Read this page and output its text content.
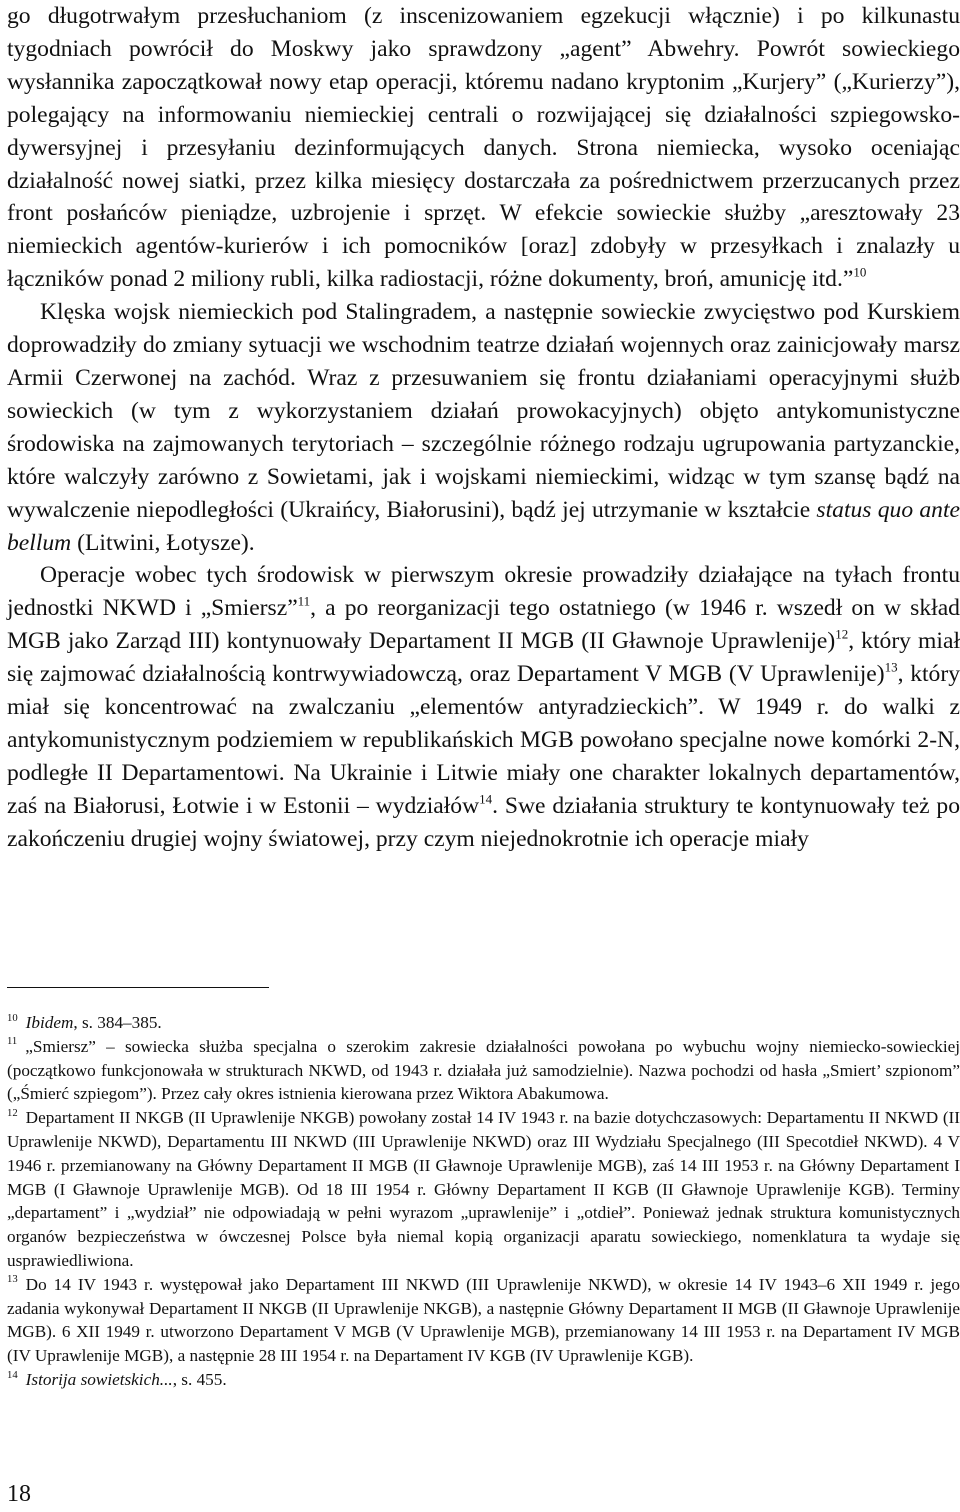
go długotrwałym przesłuchaniom (z inscenizowaniem egzekucji włącznie) i po kilkunastu tygodniach powrócił do Moskwy jako sprawdzony „agent” Abwehry. Powrót sowieckiego wysłannika zapoczątkował nowy etap operacji, któremu nadano kryptonim „Kurjery” („Kurierzy”), polegający na informowaniu niemieckiej centrali o rozwijającej się działalności szpiegowsko-dywersyjnej i przesyłaniu dezinformujących danych. Strona niemiecka, wysoko oceniając działalność nowej siatki, przez kilka miesięcy dostarczała za pośrednictwem przerzucanych przez front posłańców pieniądze, uzbrojenie i sprzęt. W efekcie sowieckie służby „aresztowały 23 niemieckich agentów-kurierów i ich pomocników [oraz] zdobyły w przesyłkach i znalazły u łączników ponad 2 miliony rubli, kilka radiostacji, różne dokumenty, broń, amunicję itd.”$^{10}$

Klęska wojsk niemieckich pod Stalingradem, a następnie sowieckie zwycięstwo pod Kurskiem doprowadziły do zmiany sytuacji we wschodnim teatrze działań wojennych oraz zainicjowały marsz Armii Czerwonej na zachód. Wraz z przesuwaniem się frontu działaniami operacyjnymi służb sowieckich (w tym z wykorzystaniem działań prowokacyjnych) objęto antykomunistyczne środowiska na zajmowanych terytoriach – szczególnie różnego rodzaju ugrupowania partyzanckie, które walczyły zarówno z Sowietami, jak i wojskami niemieckimi, widząc w tym szansę bądź na wywalczenie niepodległości (Ukraińcy, Białorusini), bądź jej utrzymanie w kształcie status quo ante bellum (Litwini, Łotysze).

Operacje wobec tych środowisk w pierwszym okresie prowadziły działające na tyłach frontu jednostki NKWD i „Smiersz”$^{11}$, a po reorganizacji tego ostatniego (w 1946 r. wszedł on w skład MGB jako Zarząd III) kontynuowały Departament II MGB (II Gławnoje Uprawlenije)$^{12}$, który miał się zajmować działalnością kontrwywiadowczą, oraz Departament V MGB (V Uprawlenije)$^{13}$, który miał się koncentrować na zwalczaniu „elementów antyradzieckich”. W 1949 r. do walki z antykomunistycznym podziemiem w republikańskich MGB powołano specjalne nowe komórki 2-N, podległe II Departamentowi. Na Ukrainie i Litwie miały one charakter lokalnych departamentów, zaś na Białorusi, Łotwie i w Estonii – wydziałów$^{14}$. Swe działania struktury te kontynuowały też po zakończeniu drugiej wojny światowej, przy czym niejednokrotnie ich operacje miały

$^{10}$ Ibidem, s. 384–385.

$^{11}$ „Smiersz” – sowiecka służba specjalna o szerokim zakresie działalności powołana po wybuchu wojny niemiecko-sowieckiej (początkowo funkcjonowała w strukturach NKWD, od 1943 r. działała już samodzielnie). Nazwa pochodzi od hasła „Smiert’ szpionom” („Śmierć szpiegom”). Przez cały okres istnienia kierowana przez Wiktora Abakumowa.

$^{12}$ Departament II NKGB (II Uprawlenije NKGB) powołany został 14 IV 1943 r. na bazie dotychczasowych: Departamentu II NKWD (II Uprawlenije NKWD), Departamentu III NKWD (III Uprawlenije NKWD) oraz III Wydziału Specjalnego (III Specotdieł NKWD). 4 V 1946 r. przemianowany na Główny Departament II MGB (II Gławnoje Uprawlenije MGB), zaś 14 III 1953 r. na Główny Departament I MGB (I Gławnoje Uprawlenije MGB). Od 18 III 1954 r. Główny Departament II KGB (II Gławnoje Uprawlenije KGB). Terminy „departament” i „wydział” nie odpowiadają w pełni wyrazom „uprawlenije” i „otdieł”. Ponieważ jednak struktura komunistycznych organów bezpieczeństwa w ówczesnej Polsce była niemal kopią organizacji aparatu sowieckiego, nomenklatura ta wydaje się usprawiedliwiona.

$^{13}$ Do 14 IV 1943 r. występował jako Departament III NKWD (III Uprawlenije NKWD), w okresie 14 IV 1943–6 XII 1949 r. jego zadania wykonywał Departament II NKGB (II Uprawlenije NKGB), a następnie Główny Departament II MGB (II Gławnoje Uprawlenije MGB). 6 XII 1949 r. utworzono Departament V MGB (V Uprawlenije MGB), przemianowany 14 III 1953 r. na Departament IV MGB (IV Uprawlenije MGB), a następnie 28 III 1954 r. na Departament IV KGB (IV Uprawlenije KGB).

$^{14}$ Istorija sowietskich..., s. 455.

18
